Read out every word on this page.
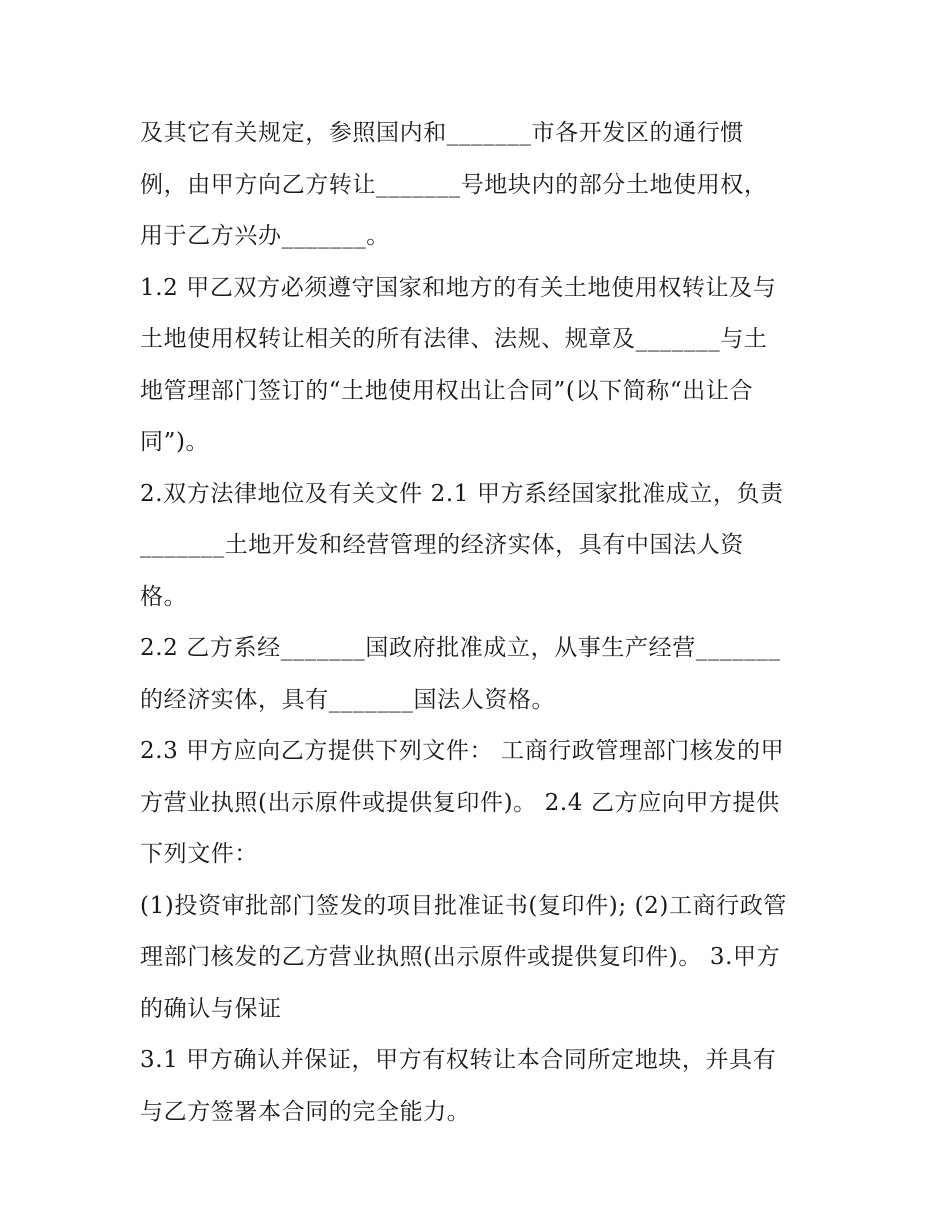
及其它有关规定，参照国内和_______市各开发区的通行惯
例，由甲方向乙方转让_______号地块内的部分土地使用权，
用于乙方兴办_______。
1.2 甲乙双方必须遵守国家和地方的有关土地使用权转让及与
土地使用权转让相关的所有法律、法规、规章及_______与土
地管理部门签订的“土地使用权出让合同”(以下简称“出让合
同”)。
2.双方法律地位及有关文件 2.1 甲方系经国家批准成立，负责
_______土地开发和经营管理的经济实体，具有中国法人资
格。
2.2 乙方系经_______国政府批准成立，从事生产经营_______
的经济实体，具有_______国法人资格。
2.3 甲方应向乙方提供下列文件： 工商行政管理部门核发的甲
方营业执照(出示原件或提供复印件)。 2.4 乙方应向甲方提供
下列文件：
(1)投资审批部门签发的项目批准证书(复印件); (2)工商行政管
理部门核发的乙方营业执照(出示原件或提供复印件)。 3.甲方
的确认与保证
3.1 甲方确认并保证，甲方有权转让本合同所定地块，并具有
与乙方签署本合同的完全能力。
